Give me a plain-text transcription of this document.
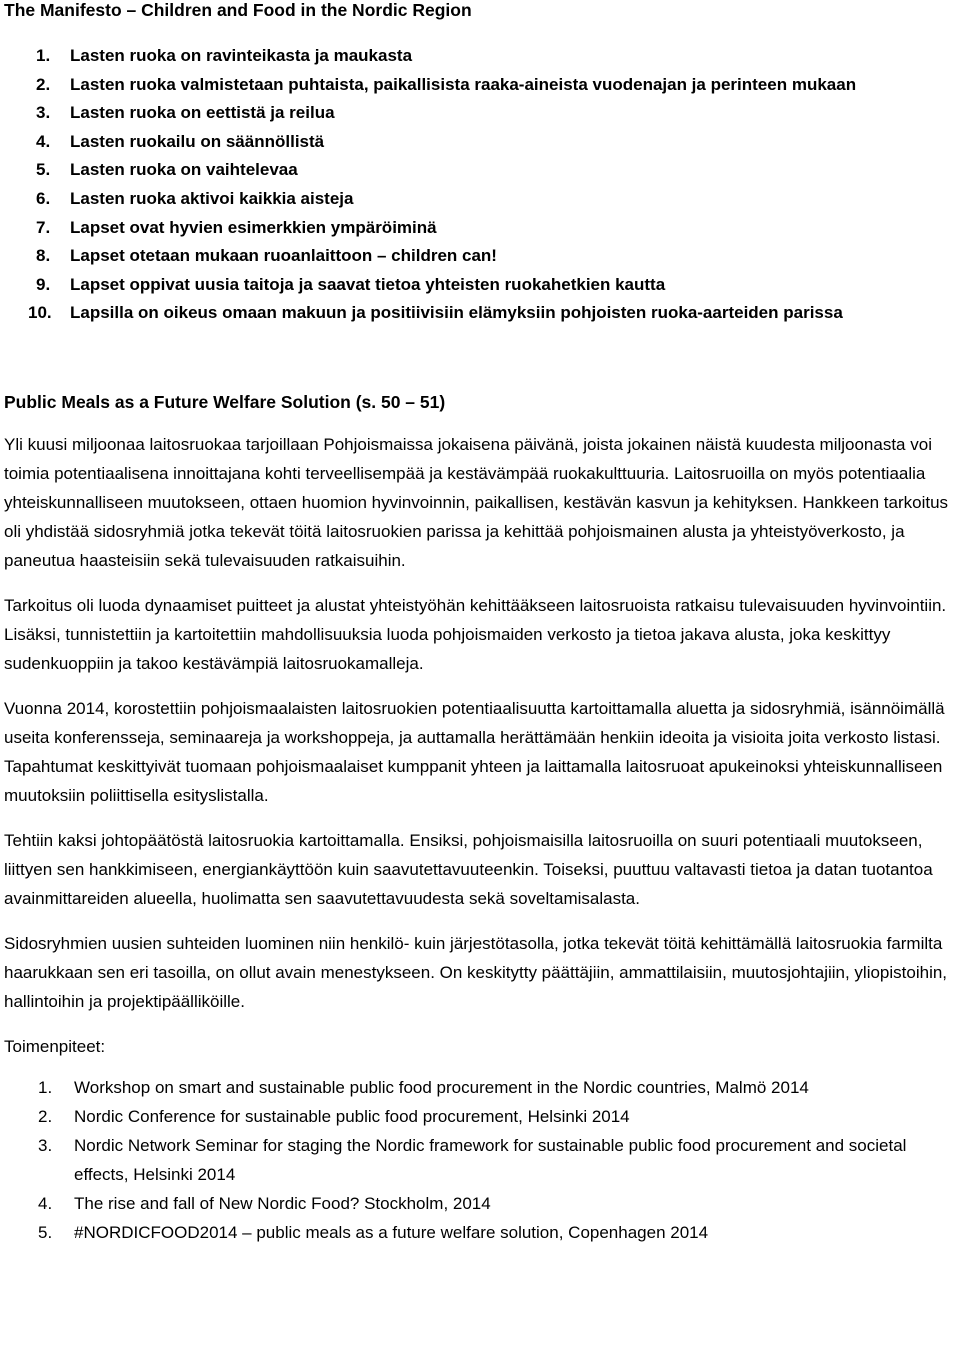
The Manifesto – Children and Food in the Nordic Region
1.	Lasten ruoka on ravinteikasta ja maukasta
2.	Lasten ruoka valmistetaan puhtaista, paikallisista raaka-aineista vuodenajan ja perinteen mukaan
3.	Lasten ruoka on eettistä ja reilua
4.	Lasten ruokailu on säännöllistä
5.	Lasten ruoka on vaihtelevaa
6.	Lasten ruoka aktivoi kaikkia aisteja
7.	Lapset ovat hyvien esimerkkien ympäröiminä
8.	Lapset otetaan mukaan ruoanlaittoon – children can!
9.	Lapset oppivat uusia taitoja ja saavat tietoa yhteisten ruokahetkien kautta
10.	Lapsilla on oikeus omaan makuun ja positiivisiin elämyksiin pohjoisten ruoka-aarteiden parissa
Public Meals as a Future Welfare Solution (s. 50 – 51)

Yli kuusi miljoonaa laitosruokaa tarjoillaan Pohjoismaissa jokaisena päivänä, joista jokainen näistä kuudesta miljoonasta voi toimia potentiaalisena innoittajana kohti terveellisempää ja kestävämpää ruokakulttuuria. Laitosruoilla on myös potentiaalia yhteiskunnalliseen muutokseen, ottaen huomion hyvinvoinnin, paikallisen, kestävän kasvun ja kehityksen. Hankkeen tarkoitus oli yhdistää sidosryhmiä jotka tekevät töitä laitosruokien parissa ja kehittää pohjoismainen alusta ja yhteistyöverkosto, ja paneutua haasteisiin sekä tulevaisuuden ratkaisuihin.

Tarkoitus oli luoda dynaamiset puitteet ja alustat yhteistyöhän kehittääkseen laitosruoista ratkaisu tulevaisuuden hyvinvointiin. Lisäksi, tunnistettiin ja kartoitettiin mahdollisuuksia luoda pohjoismaiden verkosto ja tietoa jakava alusta, joka keskittyy sudenkuoppiin ja takoo kestävämpiä laitosruokamalleja.

Vuonna 2014, korostettiin pohjoismaalaisten laitosruokien potentiaalisuutta kartoittamalla aluetta ja sidosryhmiä, isännöimällä useita konferensseja, seminaareja ja workshoppeja, ja auttamalla herättämään henkiin ideoita ja visioita joita verkosto listasi. Tapahtumat keskittyivät tuomaan pohjoismaalaiset kumppanit yhteen ja laittamalla laitosruoat apukeinoksi yhteiskunnalliseen muutoksiin poliittisella esityslistalla.

Tehtiin kaksi johtopäätöstä laitosruokia kartoittamalla. Ensiksi, pohjoismaisilla laitosruoilla on suuri potentiaali muutokseen, liittyen sen hankkimiseen, energiankäyttöön kuin saavutettavuuteenkin. Toiseksi, puuttuu valtavasti tietoa ja datan tuotantoa avainmittareiden alueella, huolimatta sen saavutettavuudesta sekä soveltamisalasta.

Sidosryhmien uusien suhteiden luominen niin henkilö- kuin järjestötasolla, jotka tekevät töitä kehittämällä laitosruokia farmilta haarukkaan sen eri tasoilla, on ollut avain menestykseen. On keskitytty päättäjiin, ammattilaisiin, muutosjohtajiin, yliopistoihin, hallintoihin ja projektipäälliköille.

Toimenpiteet:

1.	Workshop on smart and sustainable public food procurement in the Nordic countries, Malmö 2014
2.	Nordic Conference for sustainable public food procurement, Helsinki 2014
3.	Nordic Network Seminar for staging the Nordic framework for sustainable public food procurement and societal effects, Helsinki 2014
4.	The rise and fall of New Nordic Food? Stockholm, 2014
5.	#NORDICFOOD2014 – public meals as a future welfare solution, Copenhagen 2014
